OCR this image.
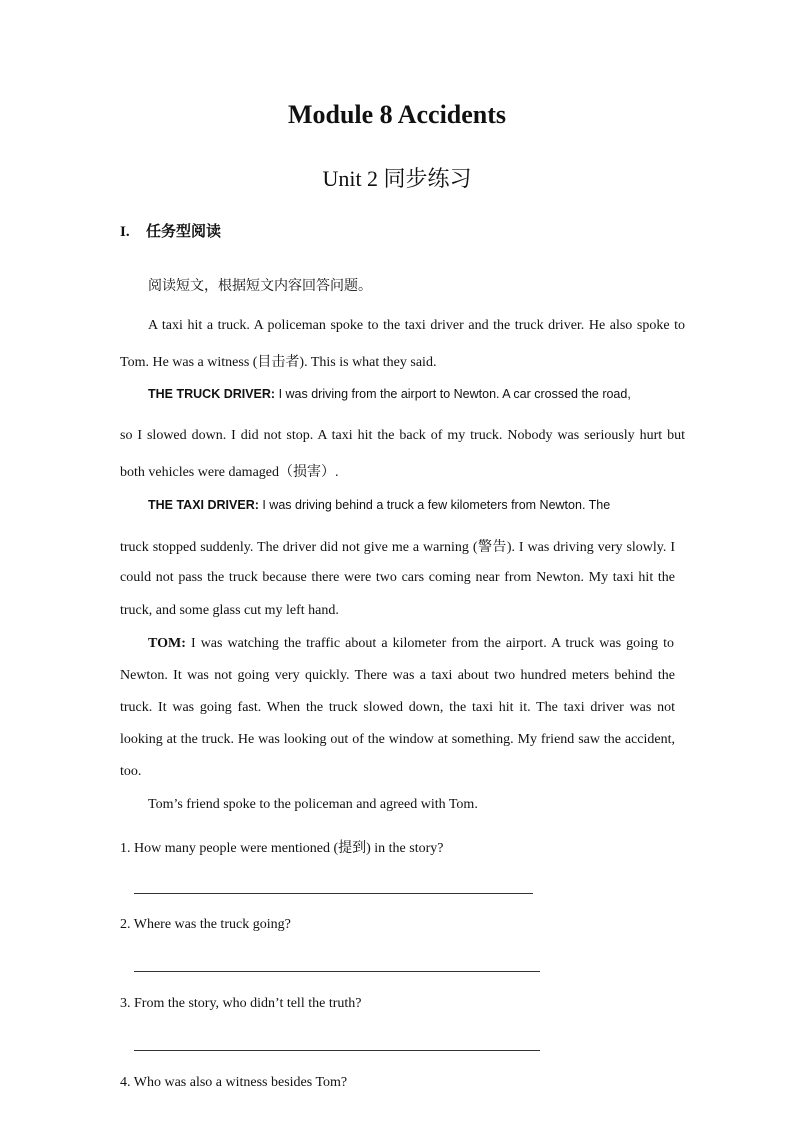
Module 8 Accidents
Unit 2 同步练习
I. 任务型阅读
阅读短文，根据短文内容回答问题。
A taxi hit a truck. A policeman spoke to the taxi driver and the truck driver. He also spoke to
Tom. He was a witness (目击者). This is what they said.
THE TRUCK DRIVER: I was driving from the airport to Newton. A car crossed the road,
so I slowed down. I did not stop. A taxi hit the back of my truck. Nobody was seriously hurt but
both vehicles were damaged（损害）.
THE TAXI DRIVER: I was driving behind a truck a few kilometers from Newton. The
truck stopped suddenly. The driver did not give me a warning (警告). I was driving very slowly. I
could not pass the truck because there were two cars coming near from Newton. My taxi hit the
truck, and some glass cut my left hand.
TOM: I was watching the traffic about a kilometer from the airport. A truck was going to
Newton. It was not going very quickly. There was a taxi about two hundred meters behind the
truck. It was going fast. When the truck slowed down, the taxi hit it. The taxi driver was not
looking at the truck. He was looking out of the window at something. My friend saw the accident,
too.
Tom’s friend spoke to the policeman and agreed with Tom.
1. How many people were mentioned (提到) in the story?
2. Where was the truck going?
3. From the story, who didn’t tell the truth?
4. Who was also a witness besides Tom?
